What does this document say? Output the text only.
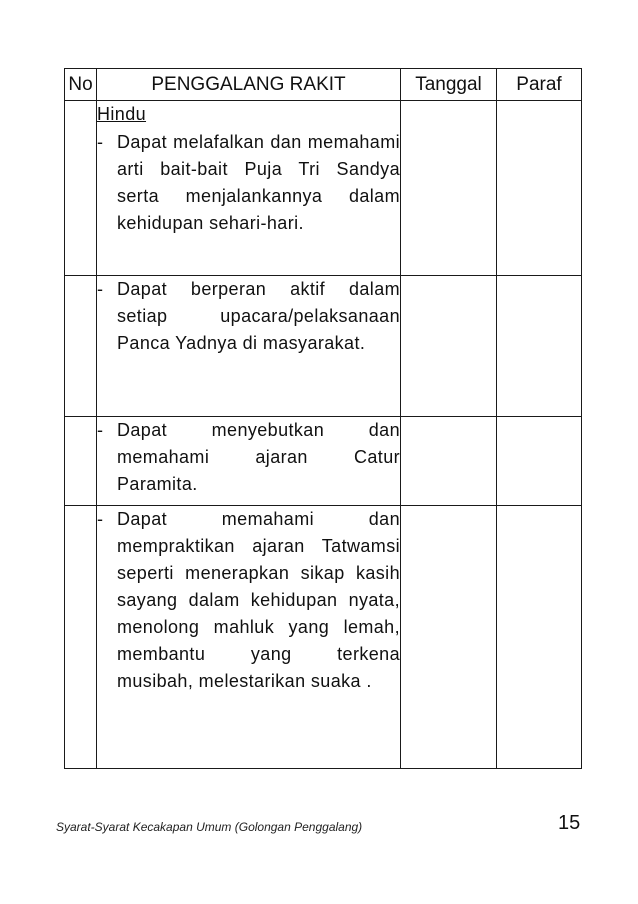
No	PENGGALANG RAKIT	Tanggal	Paraf

	Hindu
- Dapat melafalkan dan memahami arti bait-bait Puja Tri Sandya serta menjalankannya dalam kehidupan sehari-hari.		

	- Dapat berperan aktif dalam setiap upacara/pelaksanaan Panca Yadnya di masyarakat.		

	- Dapat menyebutkan dan memahami ajaran Catur Paramita.		

	- Dapat memahami dan mempraktikan ajaran Tatwamsi seperti menerapkan sikap kasih sayang dalam kehidupan nyata, menolong mahluk yang lemah, membantu yang terkena musibah, melestarikan suaka .		

Syarat-Syarat Kecakapan Umum (Golongan Penggalang)	15
